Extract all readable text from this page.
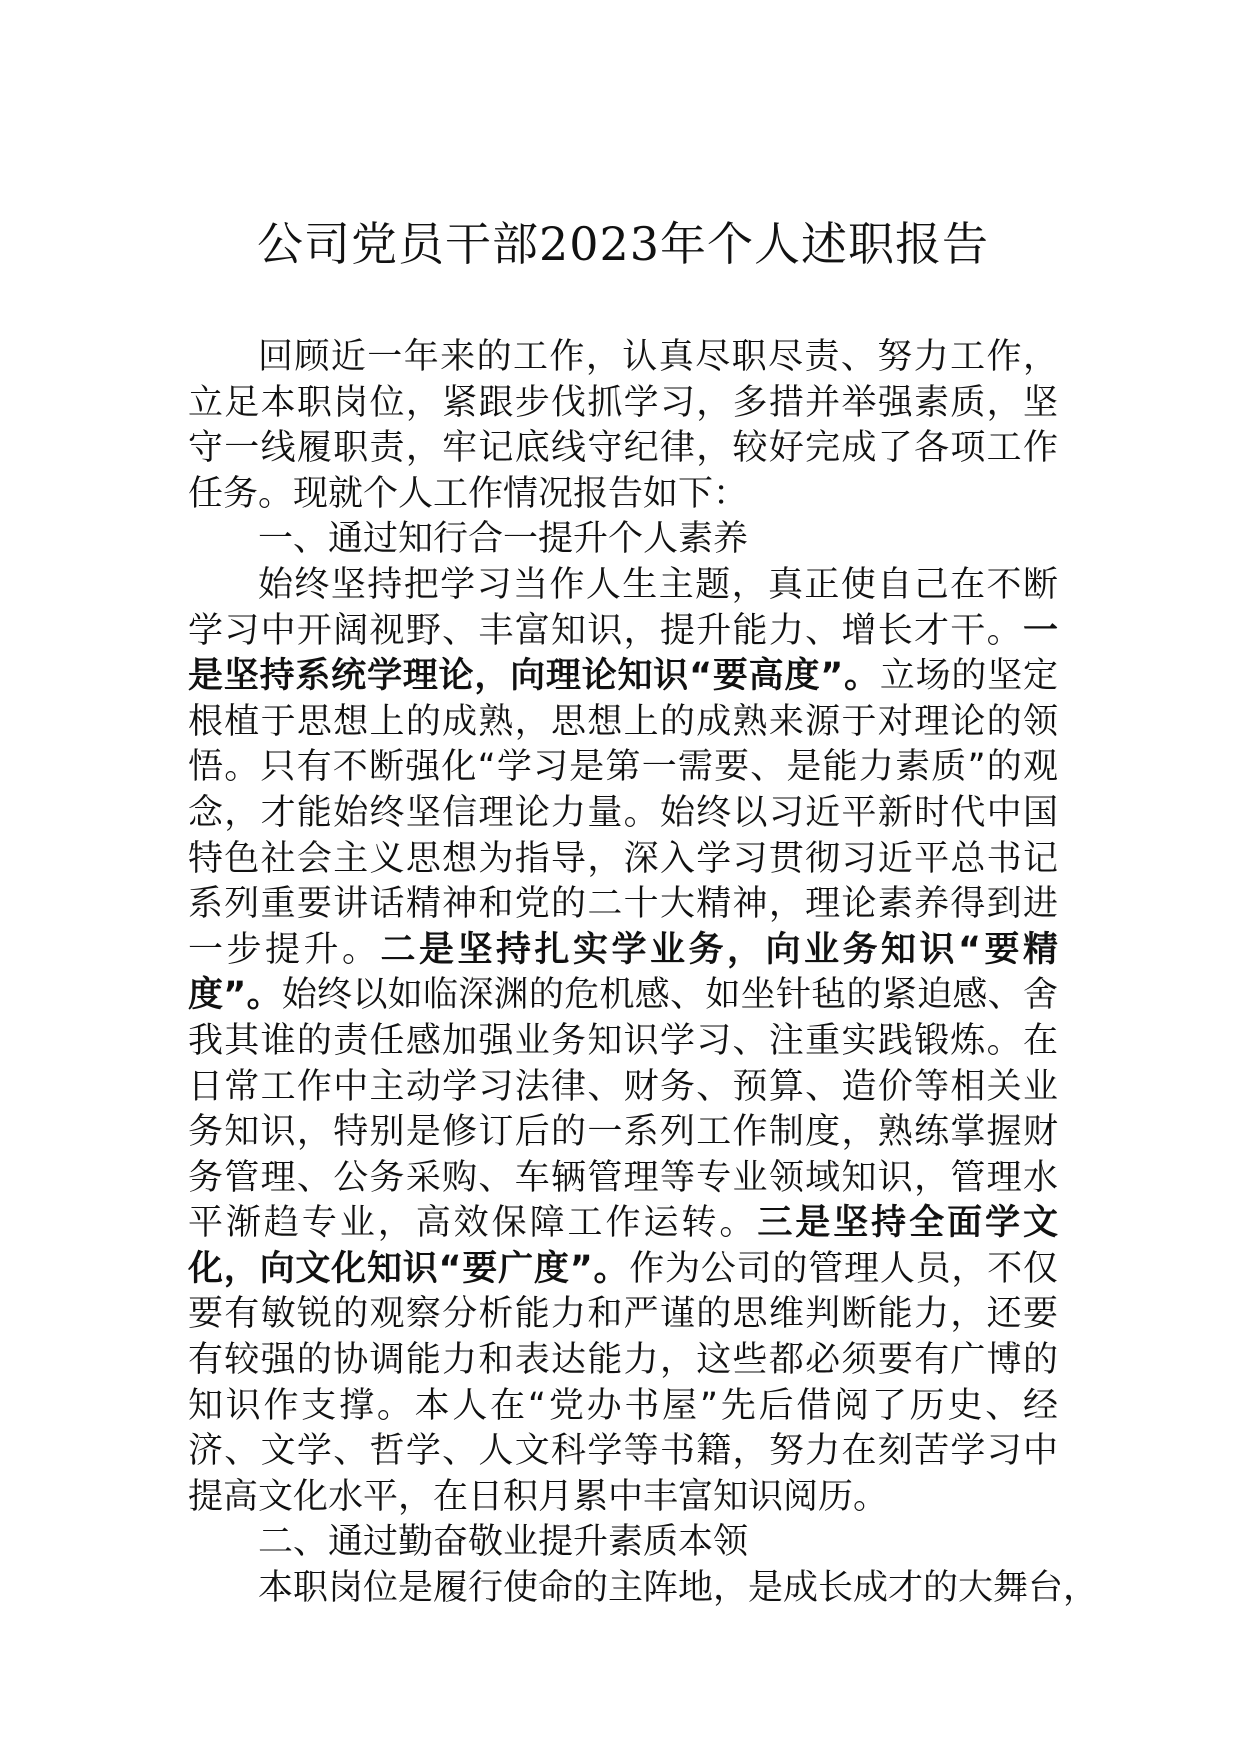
公司党员干部2023年个人述职报告

回顾近一年来的工作，认真尽职尽责、努力工作，立足本职岗位，紧跟步伐抓学习，多措并举强素质，坚守一线履职责，牢记底线守纪律，较好完成了各项工作任务。现就个人工作情况报告如下：

一、通过知行合一提升个人素养

始终坚持把学习当作人生主题，真正使自己在不断学习中开阔视野、丰富知识，提升能力、增长才干。一是坚持系统学理论，向理论知识“要高度”。立场的坚定根植于思想上的成熟，思想上的成熟来源于对理论的领悟。只有不断强化“学习是第一需要、是能力素质”的观念，才能始终坚信理论力量。始终以习近平新时代中国特色社会主义思想为指导，深入学习贯彻习近平总书记系列重要讲话精神和党的二十大精神，理论素养得到进一步提升。二是坚持扎实学业务，向业务知识“要精度”。始终以如临深渊的危机感、如坐针毡的紧迫感、舍我其谁的责任感加强业务知识学习、注重实践锻炼。在日常工作中主动学习法律、财务、预算、造价等相关业务知识，特别是修订后的一系列工作制度，熟练掌握财务管理、公务采购、车辆管理等专业领域知识，管理水平渐趋专业，高效保障工作运转。三是坚持全面学文化，向文化知识“要广度”。作为公司的管理人员，不仅要有敏锐的观察分析能力和严谨的思维判断能力，还要有较强的协调能力和表达能力，这些都必须要有广博的知识作支撑。本人在“党办书屋”先后借阅了历史、经济、文学、哲学、人文科学等书籍，努力在刻苦学习中提高文化水平，在日积月累中丰富知识阅历。

二、通过勤奋敬业提升素质本领

本职岗位是履行使命的主阵地，是成长成才的大舞台，
